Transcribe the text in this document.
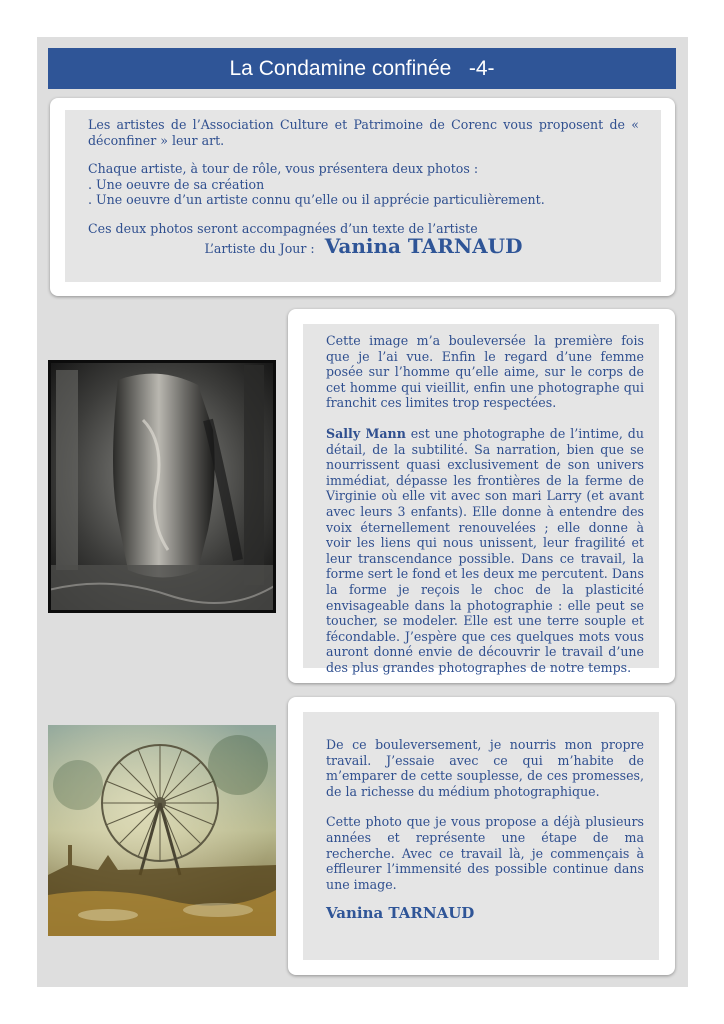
La Condamine confinée   -4-

Les artistes de l’Association Culture et Patrimoine de Corenc vous proposent de « déconfiner » leur art.

Chaque artiste, à tour de rôle, vous présentera deux photos :

. Une oeuvre de sa création

. Une oeuvre d’un artiste connu qu’elle ou il apprécie particulièrement.

Ces deux photos seront accompagnées d’un texte de l’artiste

L’artiste du Jour : Vanina TARNAUD

Cette image m’a bouleversée la première fois que je l’ai vue. Enfin le regard d’une femme posée sur l’homme qu’elle aime, sur le corps de cet homme qui vieillit, enfin une photographe qui franchit ces limites trop respectées.

Sally Mann est une photographe de l’intime, du détail, de la subtilité. Sa narration, bien que se nourrissent quasi exclusivement de son univers immédiat, dépasse les frontières de la ferme de Virginie où elle vit avec son mari Larry (et avant avec leurs 3 enfants). Elle donne à entendre des voix éternellement renouvelées ; elle donne à voir les liens qui nous unissent, leur fragilité et leur transcendance possible. Dans ce travail, la forme sert le fond et les deux me percutent. Dans la forme je reçois le choc de la plasticité envisageable dans la photographie : elle peut se toucher, se modeler. Elle est une terre souple et fécondable. J’espère que ces quelques mots vous auront donné envie de découvrir le travail d’une des plus grandes photographes de notre temps.

De ce bouleversement, je nourris mon propre travail. J’essaie avec ce qui m’habite de m’emparer de cette souplesse, de ces promesses, de la richesse du médium photographique.

Cette photo que je vous propose a déjà plusieurs années et représente une étape de ma recherche. Avec ce travail là, je commençais à effleurer l’immensité des possible continue dans une image.

Vanina TARNAUD
